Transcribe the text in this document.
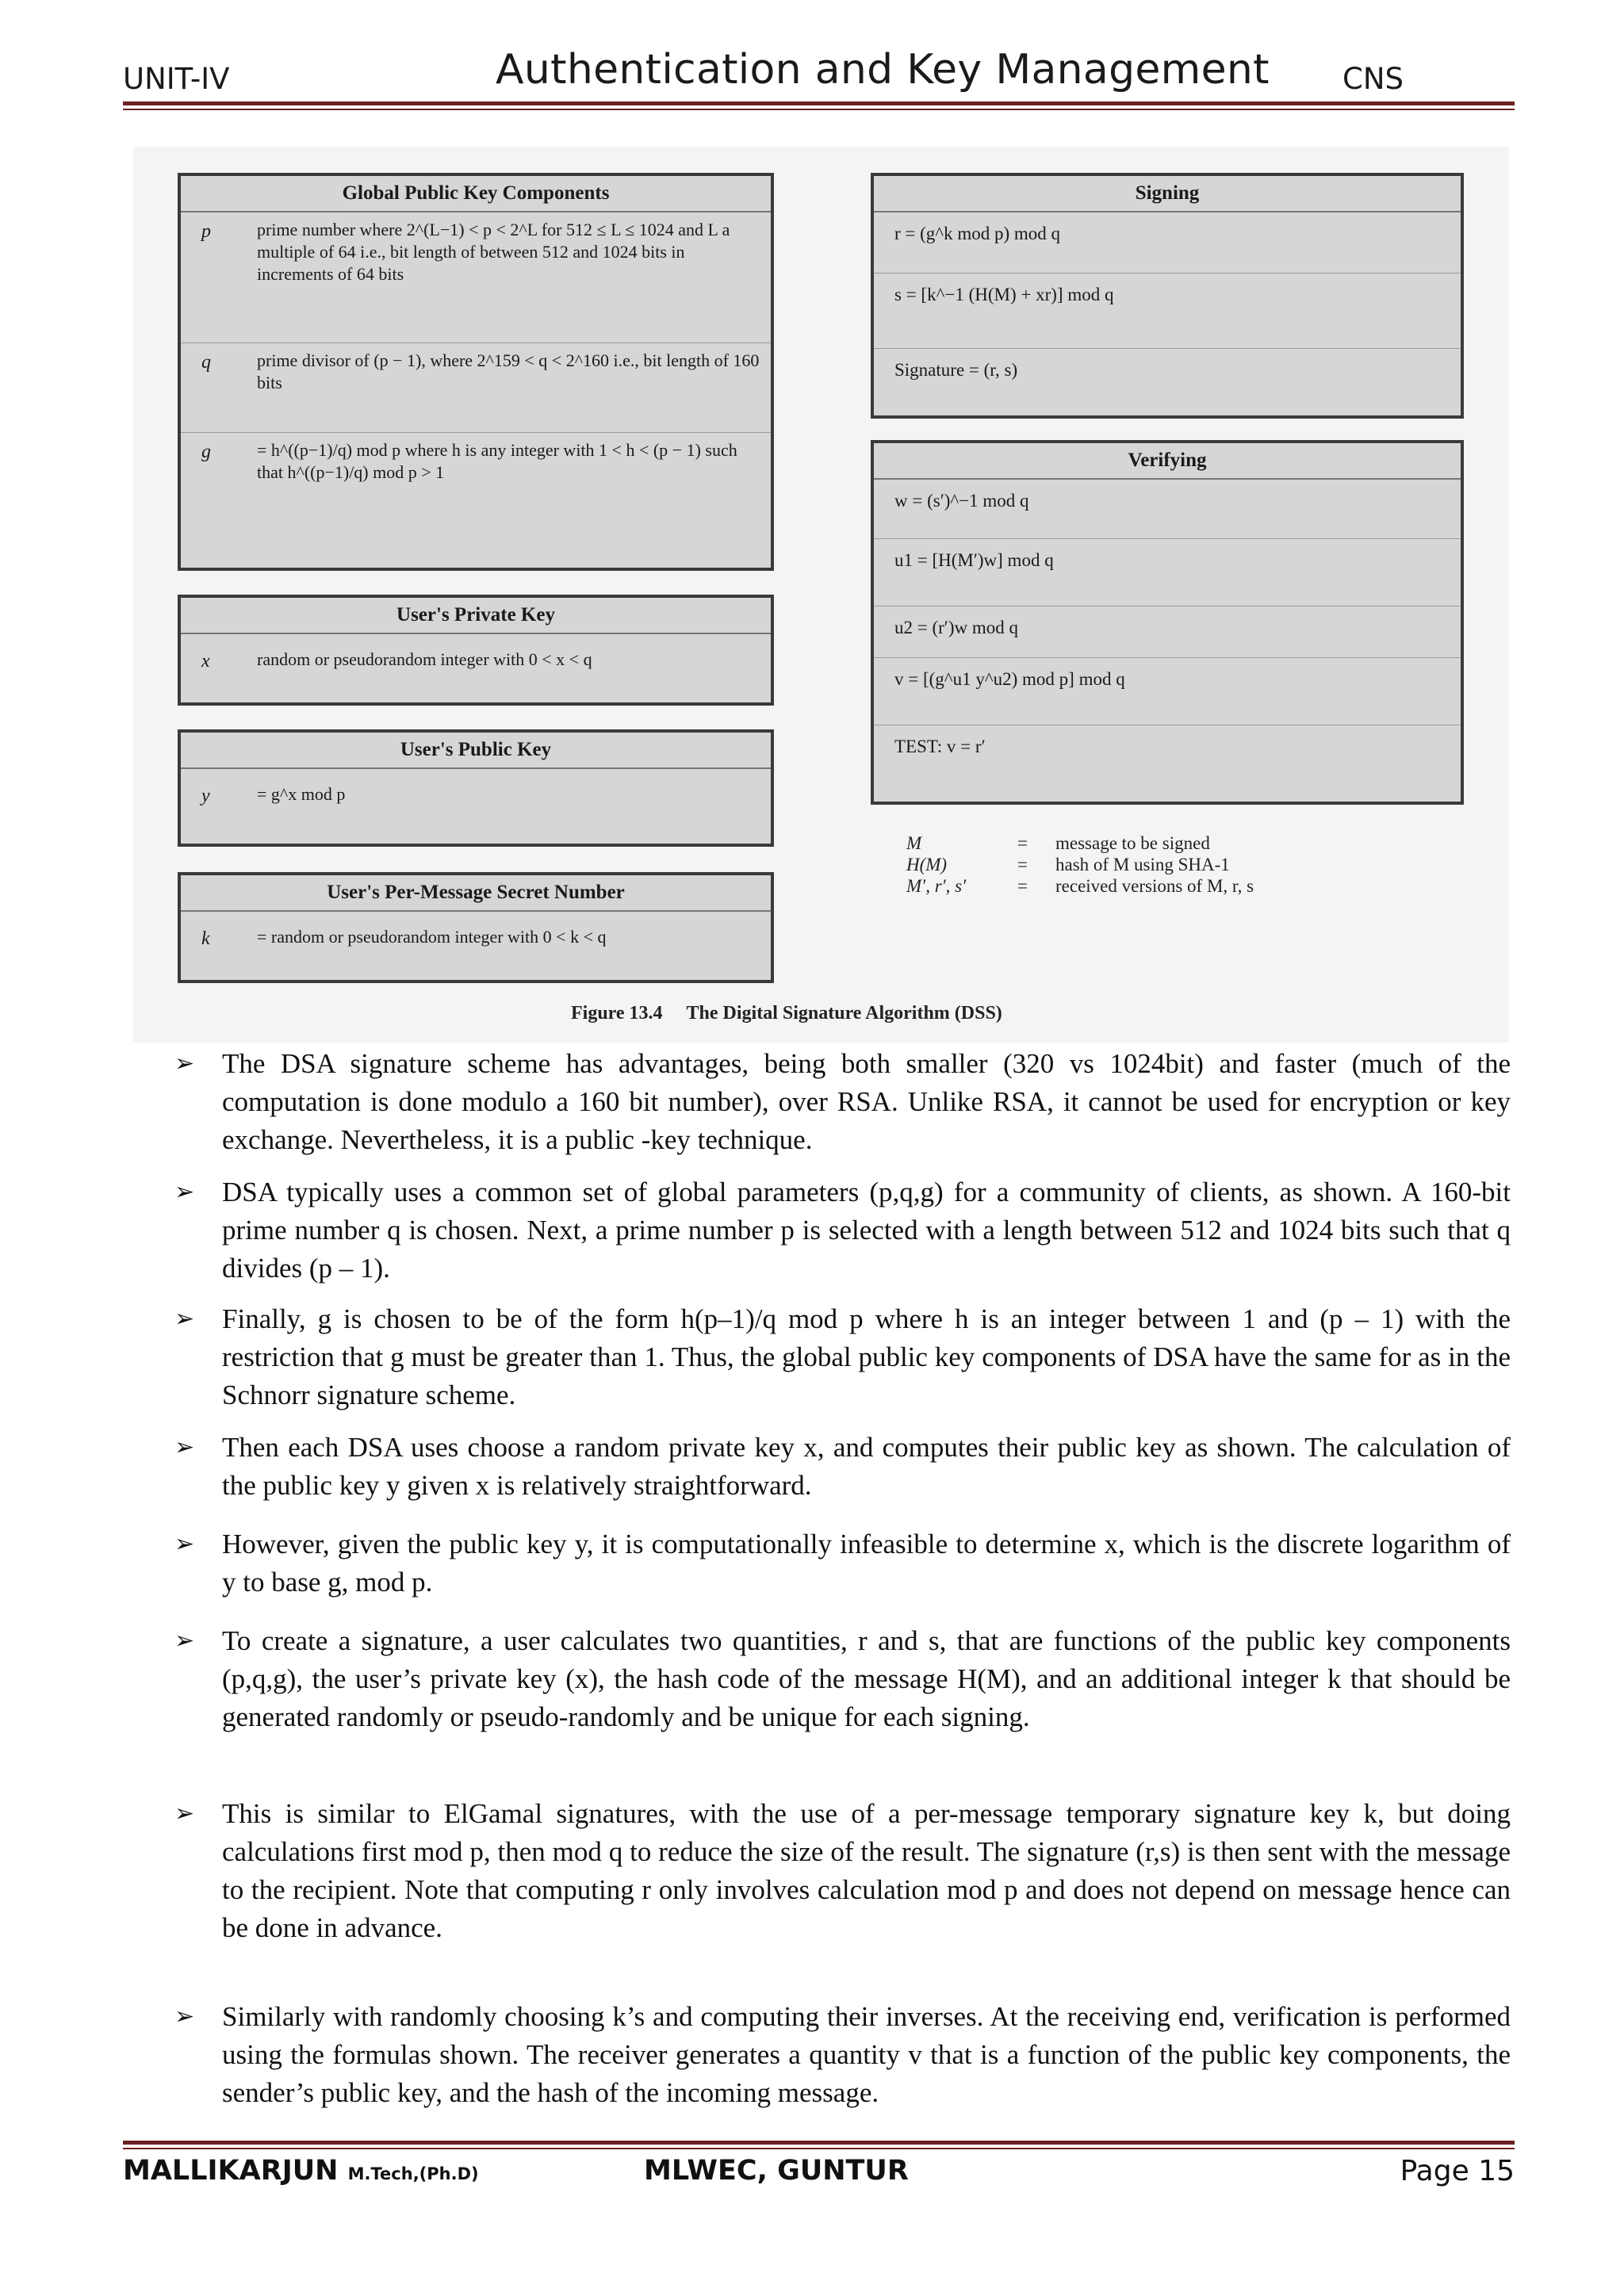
UNIT-IV	Authentication and Key Management CNS
Global Public Key Components
p	prime number where 2^(L−1) < p < 2^L for 512 ≤ L ≤ 1024 and L a multiple of 64 i.e., bit length of between 512 and 1024 bits in increments of 64 bits
q	prime divisor of (p − 1), where 2^159 < q < 2^160 i.e., bit length of 160 bits
g	= h^((p−1)/q) mod p where h is any integer with 1 < h < (p − 1) such that h^((p−1)/q) mod p > 1
User's Private Key
x	random or pseudorandom integer with 0 < x < q
User's Public Key
y	= g^x mod p
User's Per-Message Secret Number
k	= random or pseudorandom integer with 0 < k < q
Signing
r = (g^k mod p) mod q
s = [k^−1 (H(M) + xr)] mod q
Signature = (r, s)
Verifying
w = (s′)^−1 mod q
u1 = [H(M′)w] mod q
u2 = (r′)w mod q
v = [(g^u1 y^u2) mod p] mod q
TEST: v = r′
M	=	message to be signed
H(M)	=	hash of M using SHA-1
M′, r′, s′	=	received versions of M, r, s
Figure 13.4 The Digital Signature Algorithm (DSS)
➢ The DSA signature scheme has advantages, being both smaller (320 vs 1024bit) and faster (much of the computation is done modulo a 160 bit number), over RSA. Unlike RSA, it cannot be used for encryption or key exchange. Nevertheless, it is a public -key technique.
➢ DSA typically uses a common set of global parameters (p,q,g) for a community of clients, as shown. A 160-bit prime number q is chosen. Next, a prime number p is selected with a length between 512 and 1024 bits such that q divides (p – 1).
➢ Finally, g is chosen to be of the form h(p–1)/q mod p where h is an integer between 1 and (p – 1) with the restriction that g must be greater than 1. Thus, the global public key components of DSA have the same for as in the Schnorr signature scheme.
➢ Then each DSA uses choose a random private key x, and computes their public key as shown. The calculation of the public key y given x is relatively straightforward.
➢ However, given the public key y, it is computationally infeasible to determine x, which is the discrete logarithm of y to base g, mod p.
➢ To create a signature, a user calculates two quantities, r and s, that are functions of the public key components (p,q,g), the user’s private key (x), the hash code of the message H(M), and an additional integer k that should be generated randomly or pseudo-randomly and be unique for each signing.
➢ This is similar to ElGamal signatures, with the use of a per-message temporary signature key k, but doing calculations first mod p, then mod q to reduce the size of the result. The signature (r,s) is then sent with the message to the recipient. Note that computing r only involves calculation mod p and does not depend on message hence can be done in advance.
➢ Similarly with randomly choosing k’s and computing their inverses. At the receiving end, verification is performed using the formulas shown. The receiver generates a quantity v that is a function of the public key components, the sender’s public key, and the hash of the incoming message.
MALLIKARJUN M.Tech,(Ph.D)	MLWEC, GUNTUR	Page 15
